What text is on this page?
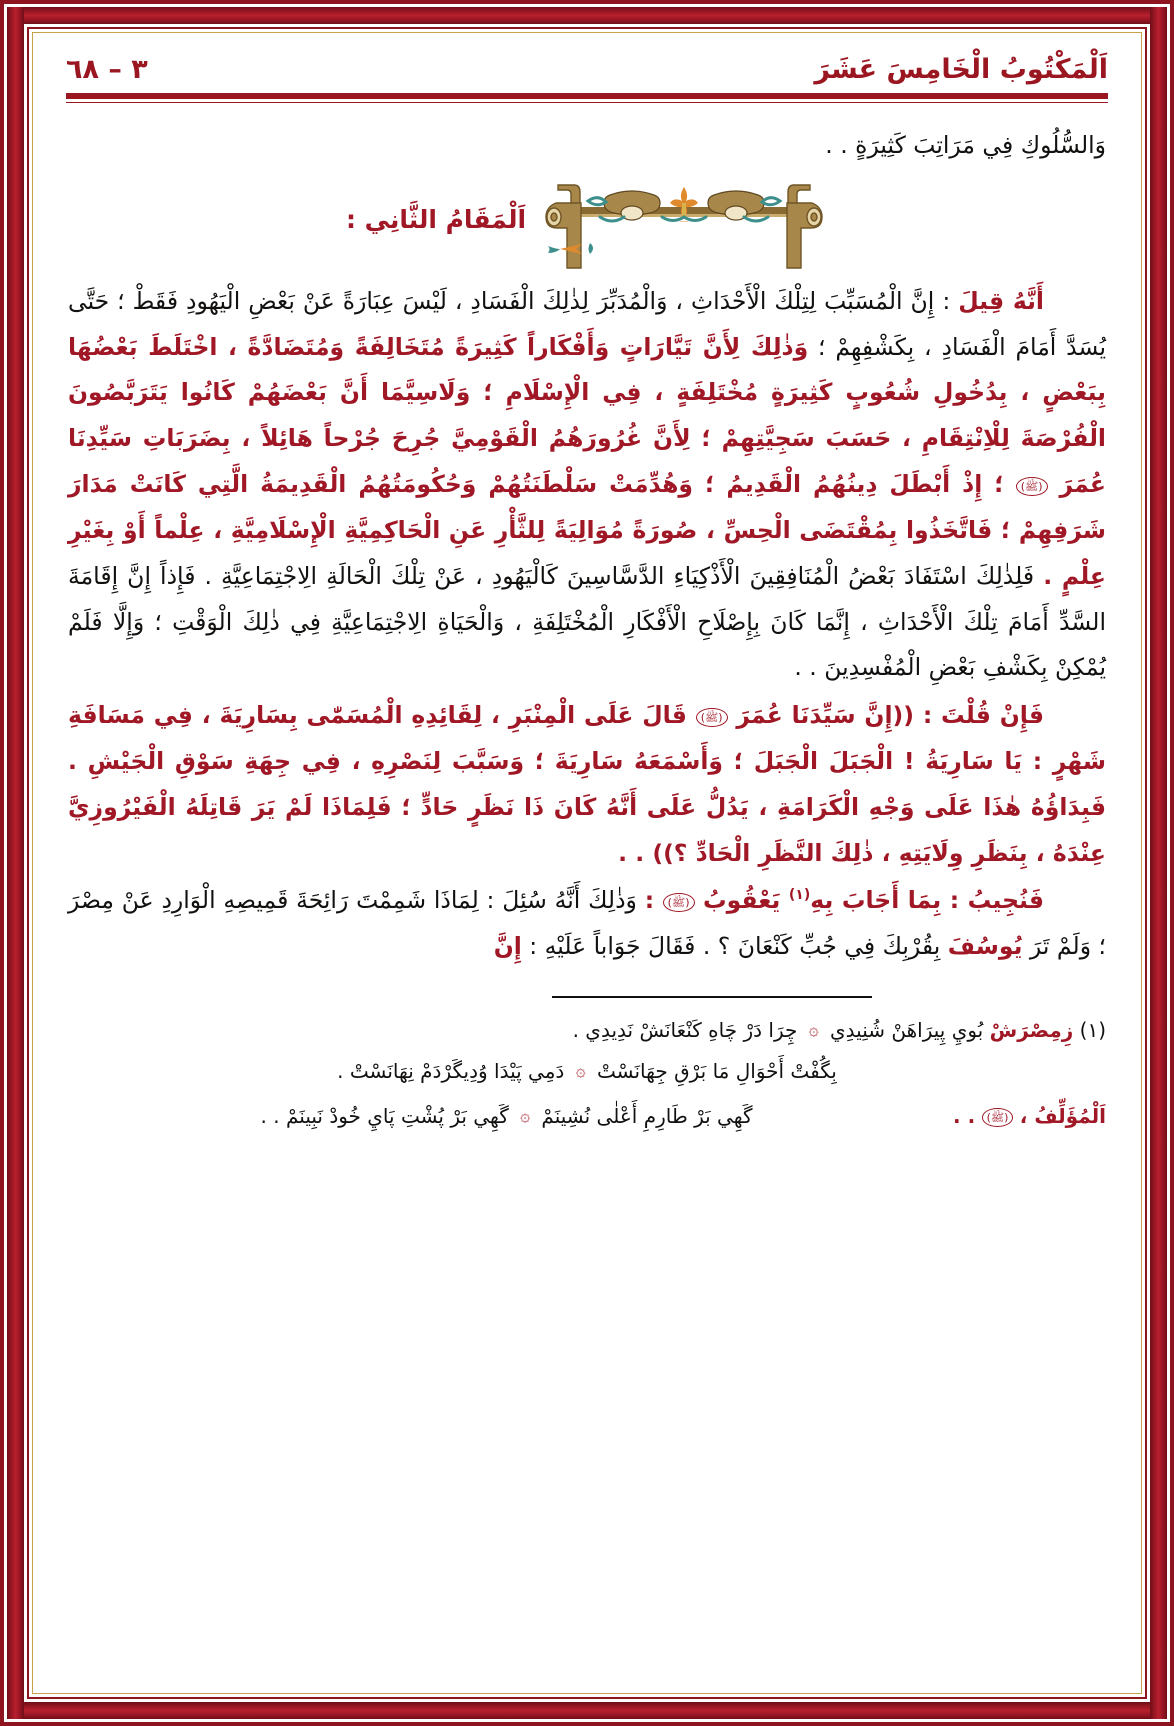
٣ – ٦٨	اَلْمَكْتُوبُ الْخَامِسَ عَشَرَ

وَالسُّلُوكِ فِي مَرَاتِبَ كَثِيرَةٍ . .

اَلْمَقَامُ الثَّانِي :

أَنَّهُ قِيلَ : إِنَّ الْمُسَبِّبَ لِتِلْكَ الْأَحْدَاثِ ، وَالْمُدَبِّرَ لِذٰلِكَ الْفَسَادِ ، لَيْسَ عِبَارَةً عَنْ بَعْضِ الْيَهُودِ فَقَطْ ؛ حَتَّى يُسَدَّ أَمَامَ الْفَسَادِ ، بِكَشْفِهِمْ ؛ وَذٰلِكَ لِأَنَّ تَيَّارَاتٍ وَأَفْكَاراً كَثِيرَةً مُتَخَالِفَةً وَمُتَضَادَّةً ، اخْتَلَطَ بَعْضُهَا بِبَعْضٍ ، بِدُخُولِ شُعُوبٍ كَثِيرَةٍ مُخْتَلِفَةٍ ، فِي الْإِسْلَامِ ؛ وَلَاسِيَّمَا أَنَّ بَعْضَهُمْ كَانُوا يَتَرَبَّصُونَ الْفُرْصَةَ لِلْاِنْتِقَامِ ، حَسَبَ سَجِيَّتِهِمْ ؛ لِأَنَّ غُرُورَهُمُ الْقَوْمِيَّ جُرِحَ جُرْحاً هَائِلاً ، بِضَرَبَاتِ سَيِّدِنَا عُمَرَ (ﷺ) ؛ إِذْ أَبْطَلَ دِينُهُمُ الْقَدِيمُ ؛ وَهُدِّمَتْ سَلْطَنَتُهُمْ وَحُكُومَتُهُمُ الْقَدِيمَةُ الَّتِي كَانَتْ مَدَارَ شَرَفِهِمْ ؛ فَاتَّخَذُوا بِمُقْتَضَى الْحِسِّ ، صُورَةً مُوَالِيَةً لِلثَّأْرِ عَنِ الْحَاكِمِيَّةِ الْإِسْلَامِيَّةِ ، عِلْماً أَوْ بِغَيْرِ عِلْمٍ . فَلِذٰلِكَ اسْتَفَادَ بَعْضُ الْمُنَافِقِينَ الْأَذْكِيَاءِ الدَّسَّاسِينَ كَالْيَهُودِ ، عَنْ تِلْكَ الْحَالَةِ الِاجْتِمَاعِيَّةِ . فَإِذاً إِنَّ إِقَامَةَ السَّدِّ أَمَامَ تِلْكَ الْأَحْدَاثِ ، إِنَّمَا كَانَ بِإِصْلَاحِ الْأَفْكَارِ الْمُخْتَلِفَةِ ، وَالْحَيَاةِ الِاجْتِمَاعِيَّةِ فِي ذٰلِكَ الْوَقْتِ ؛ وَإِلَّا فَلَمْ يُمْكِنْ بِكَشْفِ بَعْضِ الْمُفْسِدِينَ . .

فَإِنْ قُلْتَ : ((إِنَّ سَيِّدَنَا عُمَرَ (ﷺ) قَالَ عَلَى الْمِنْبَرِ ، لِقَائِدِهِ الْمُسَمّٰى بِسَارِيَةَ ، فِي مَسَافَةِ شَهْرٍ : يَا سَارِيَةُ ! الْجَبَلَ الْجَبَلَ ؛ وَأَسْمَعَهُ سَارِيَةَ ؛ وَسَبَّبَ لِنَصْرِهِ ، فِي جِهَةِ سَوْقِ الْجَيْشِ . فَبِدَاؤُهُ هٰذَا عَلَى وَجْهِ الْكَرَامَةِ ، يَدُلُّ عَلَى أَنَّهُ كَانَ ذَا نَظَرٍ حَادٍّ ؛ فَلِمَاذَا لَمْ يَرَ قَاتِلَهُ الْفَيْرُوزِيَّ عِنْدَهُ ، بِنَظَرِ وِلَايَتِهِ ، ذٰلِكَ النَّظَرِ الْحَادِّ ؟)) . .

فَنُجِيبُ : بِمَا أَجَابَ بِهِ$^{(١)}$ يَعْقُوبُ (ﷺ) : وَذٰلِكَ أَنَّهُ سُئِلَ : لِمَاذَا شَمِمْتَ رَائِحَةَ قَمِيصِهِ الْوَارِدِ عَنْ مِصْرَ ؛ وَلَمْ تَرَ يُوسُفَ بِقُرْبِكَ فِي جُبِّ كَنْعَانَ ؟ . فَقَالَ جَوَاباً عَلَيْهِ : إِنَّ

(١) زِمِصْرَشْ بُويِ پِيرَاهَنْ شُنِيدِي ۞ چِرَا دَرْ چَاهِ كَنْعَانَشْ نَدِيدِي .
بِگُفْتْ أَحْوَالِ مَا بَرْقِ جِهَانَسْتْ ۞ دَمِي پَيْدَا وُدِيگَرْدَمْ نِهَانَسْتْ .
گَهِي بَرْ طَارِمِ أَعْلٰى نُشِينَمْ ۞ گَهِي بَرْ پُشْتِ پَايِ خُودْ نَبِينَمْ . .	اَلْمُؤَلِّفُ ، (ﷺ) . .
